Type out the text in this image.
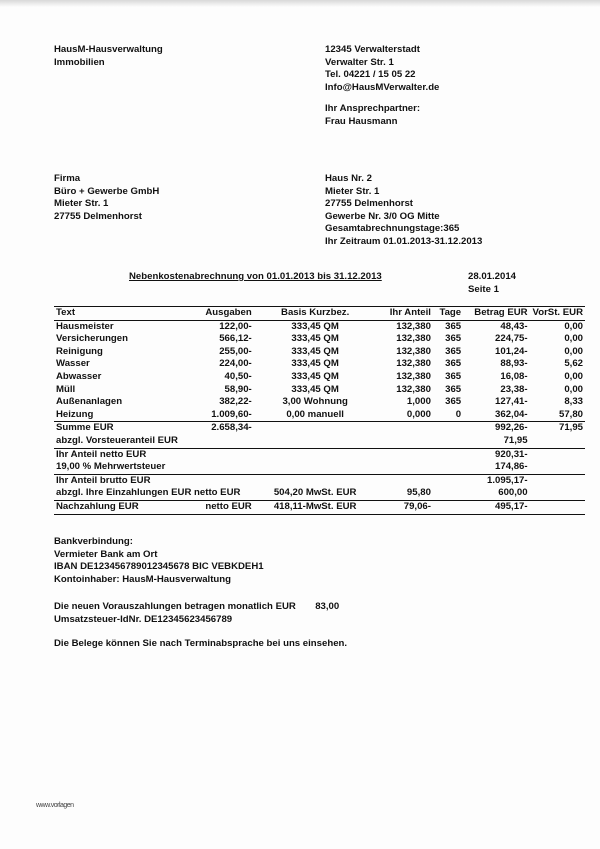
HausM-Hausverwaltung
Immobilien
12345 Verwalterstadt
Verwalter Str. 1
Tel. 04221 / 15 05 22
Info@HausMVerwalter.de
Ihr Ansprechpartner:
Frau Hausmann
Firma
Büro + Gewerbe GmbH
Mieter Str. 1
27755 Delmenhorst
Haus Nr. 2
Mieter Str. 1
27755 Delmenhorst
Gewerbe Nr. 3/0 OG Mitte
Gesamtabrechnungstage:365
Ihr Zeitraum 01.01.2013-31.12.2013
Nebenkostenabrechnung von 01.01.2013 bis 31.12.2013	28.01.2014
Seite 1
Text	Ausgaben	Basis Kurzbez.	Ihr Anteil	Tage	Betrag EUR	VorSt. EUR
Hausmeister	122,00-	333,45 QM	132,380	365	48,43-	0,00
Versicherungen	566,12-	333,45 QM	132,380	365	224,75-	0,00
Reinigung	255,00-	333,45 QM	132,380	365	101,24-	0,00
Wasser	224,00-	333,45 QM	132,380	365	88,93-	5,62
Abwasser	40,50-	333,45 QM	132,380	365	16,08-	0,00
Müll	58,90-	333,45 QM	132,380	365	23,38-	0,00
Außenanlagen	382,22-	3,00 Wohnung	1,000	365	127,41-	8,33
Heizung	1.009,60-	0,00 manuell	0,000	0	362,04-	57,80
Summe EUR	2.658,34-				992,26-	71,95
abzgl. Vorsteueranteil EUR					71,95	
Ihr Anteil netto EUR					920,31-	
19,00 % Mehrwertsteuer					174,86-	
Ihr Anteil brutto EUR					1.095,17-	
abzgl. Ihre Einzahlungen EUR netto EUR		504,20 MwSt. EUR	95,80		600,00	
Nachzahlung EUR	netto EUR	418,11-MwSt. EUR	79,06-		495,17-	
Bankverbindung:
Vermieter Bank am Ort
IBAN DE123456789012345678 BIC VEBKDEH1
Kontoinhaber: HausM-Hausverwaltung
Die neuen Vorauszahlungen betragen monatlich EUR 83,00
Umsatzsteuer-IdNr. DE12345623456789
Die Belege können Sie nach Terminabsprache bei uns einsehen.
www.vorlagen
